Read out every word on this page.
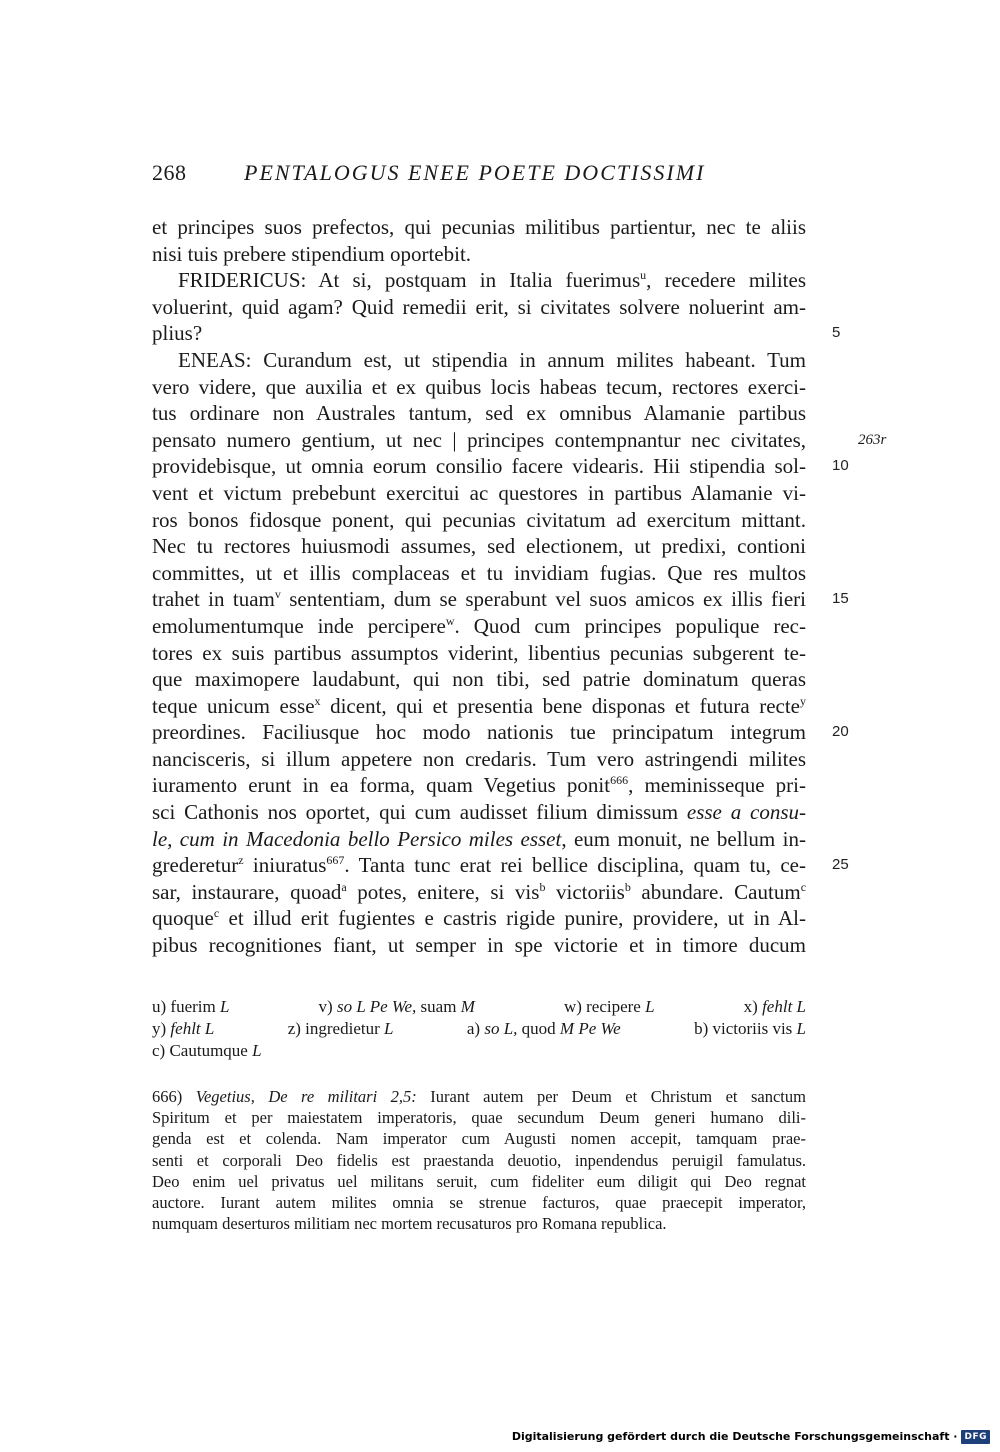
268	PENTALOGUS ENEE POETE DOCTISSIMI
et principes suos prefectos, qui pecunias militibus partientur, nec te aliis
nisi tuis prebere stipendium oportebit.
FRIDERICUS: At si, postquam in Italia fuerimus$^u$, recedere milites
voluerint, quid agam? Quid remedii erit, si civitates solvere noluerint am-
plius?	5
ENEAS: Curandum est, ut stipendia in annum milites habeant. Tum
vero videre, que auxilia et ex quibus locis habeas tecum, rectores exerci-
tus ordinare non Australes tantum, sed ex omnibus Alamanie partibus
pensato numero gentium, ut nec | principes contempnantur nec civitates,	263r
providebisque, ut omnia eorum consilio facere videaris. Hii stipendia sol- 10
vent et victum prebebunt exercitui ac questores in partibus Alamanie vi-
ros bonos fidosque ponent, qui pecunias civitatum ad exercitum mittant.
Nec tu rectores huiusmodi assumes, sed electionem, ut predixi, contioni
committes, ut et illis complaceas et tu invidiam fugias. Que res multos
trahet in tuam$^v$ sententiam, dum se sperabunt vel suos amicos ex illis fieri 15
emolumentumque inde percipere$^w$. Quod cum principes populique rec-
tores ex suis partibus assumptos viderint, libentius pecunias subgerent te-
que maximopere laudabunt, qui non tibi, sed patrie dominatum queras
teque unicum esse$^x$ dicent, qui et presentia bene disponas et futura recte$^y$
preordines. Faciliusque hoc modo nationis tue principatum integrum 20
nancisceris, si illum appetere non credaris. Tum vero astringendi milites
iuramento erunt in ea forma, quam Vegetius ponit$^{666}$, meminisseque pri-
sci Cathonis nos oportet, qui cum audisset filium dimissum esse a consu-
le, cum in Macedonia bello Persico miles esset, eum monuit, ne bellum in-
grederetur$^z$ iniuratus$^{667}$. Tanta tunc erat rei bellice disciplina, quam tu, ce- 25
sar, instaurare, quoad$^a$ potes, enitere, si vis$^b$ victoriis$^b$ abundare. Cautum$^c$
quoque$^c$ et illud erit fugientes e castris rigide punire, providere, ut in Al-
pibus recognitiones fiant, ut semper in spe victorie et in timore ducum
u) fuerim L	v) so L Pe We, suam M	w) recipere L	x) fehlt L
y) fehlt L	z) ingredietur L	a) so L, quod M Pe We	b) victoriis vis L
c) Cautumque L
666) Vegetius, De re militari 2,5: Iurant autem per Deum et Christum et sanctum
Spiritum et per maiestatem imperatoris, quae secundum Deum generi humano dili-
genda est et colenda. Nam imperator cum Augusti nomen accepit, tamquam prae-
senti et corporali Deo fidelis est praestanda deuotio, inpendendus peruigil famulatus.
Deo enim uel privatus uel militans seruit, cum fideliter eum diligit qui Deo regnat
auctore. Iurant autem milites omnia se strenue facturos, quae praecepit imperator,
numquam deserturos militiam nec mortem recusaturos pro Romana republica.
Digitalisierung gefördert durch die Deutsche Forschungsgemeinschaft · DFG
